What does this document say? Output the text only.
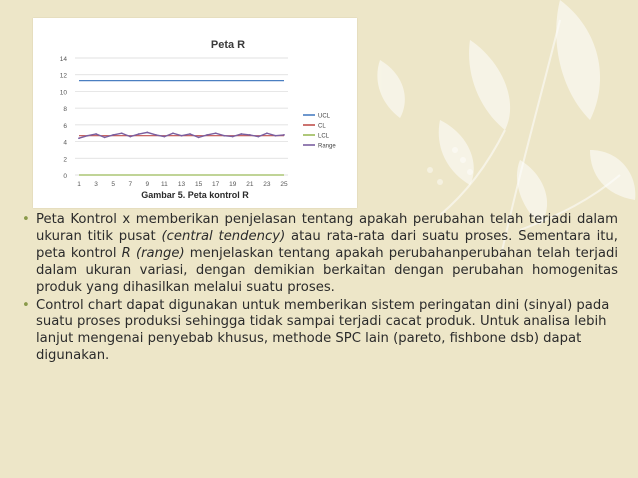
Peta R
0
2
4
6
8
10
12
14
1 3 5 7 9 11 13 15 17 19 21 23 25
UCL
CL
LCL
Range
Gambar 5. Peta kontrol R
• Peta Kontrol x memberikan penjelasan tentang apakah perubahan telah terjadi dalam ukuran titik pusat (central tendency) atau rata-rata dari suatu proses. Sementara itu, peta kontrol R (range) menjelaskan tentang apakah perubahanperubahan telah terjadi dalam ukuran variasi, dengan demikian berkaitan dengan perubahan homogenitas produk yang dihasilkan melalui suatu proses.
• Control chart dapat digunakan untuk memberikan sistem peringatan dini (sinyal) pada suatu proses produksi sehingga tidak sampai terjadi cacat produk. Untuk analisa lebih lanjut mengenai penyebab khusus, methode SPC lain (pareto, fishbone dsb) dapat digunakan.
